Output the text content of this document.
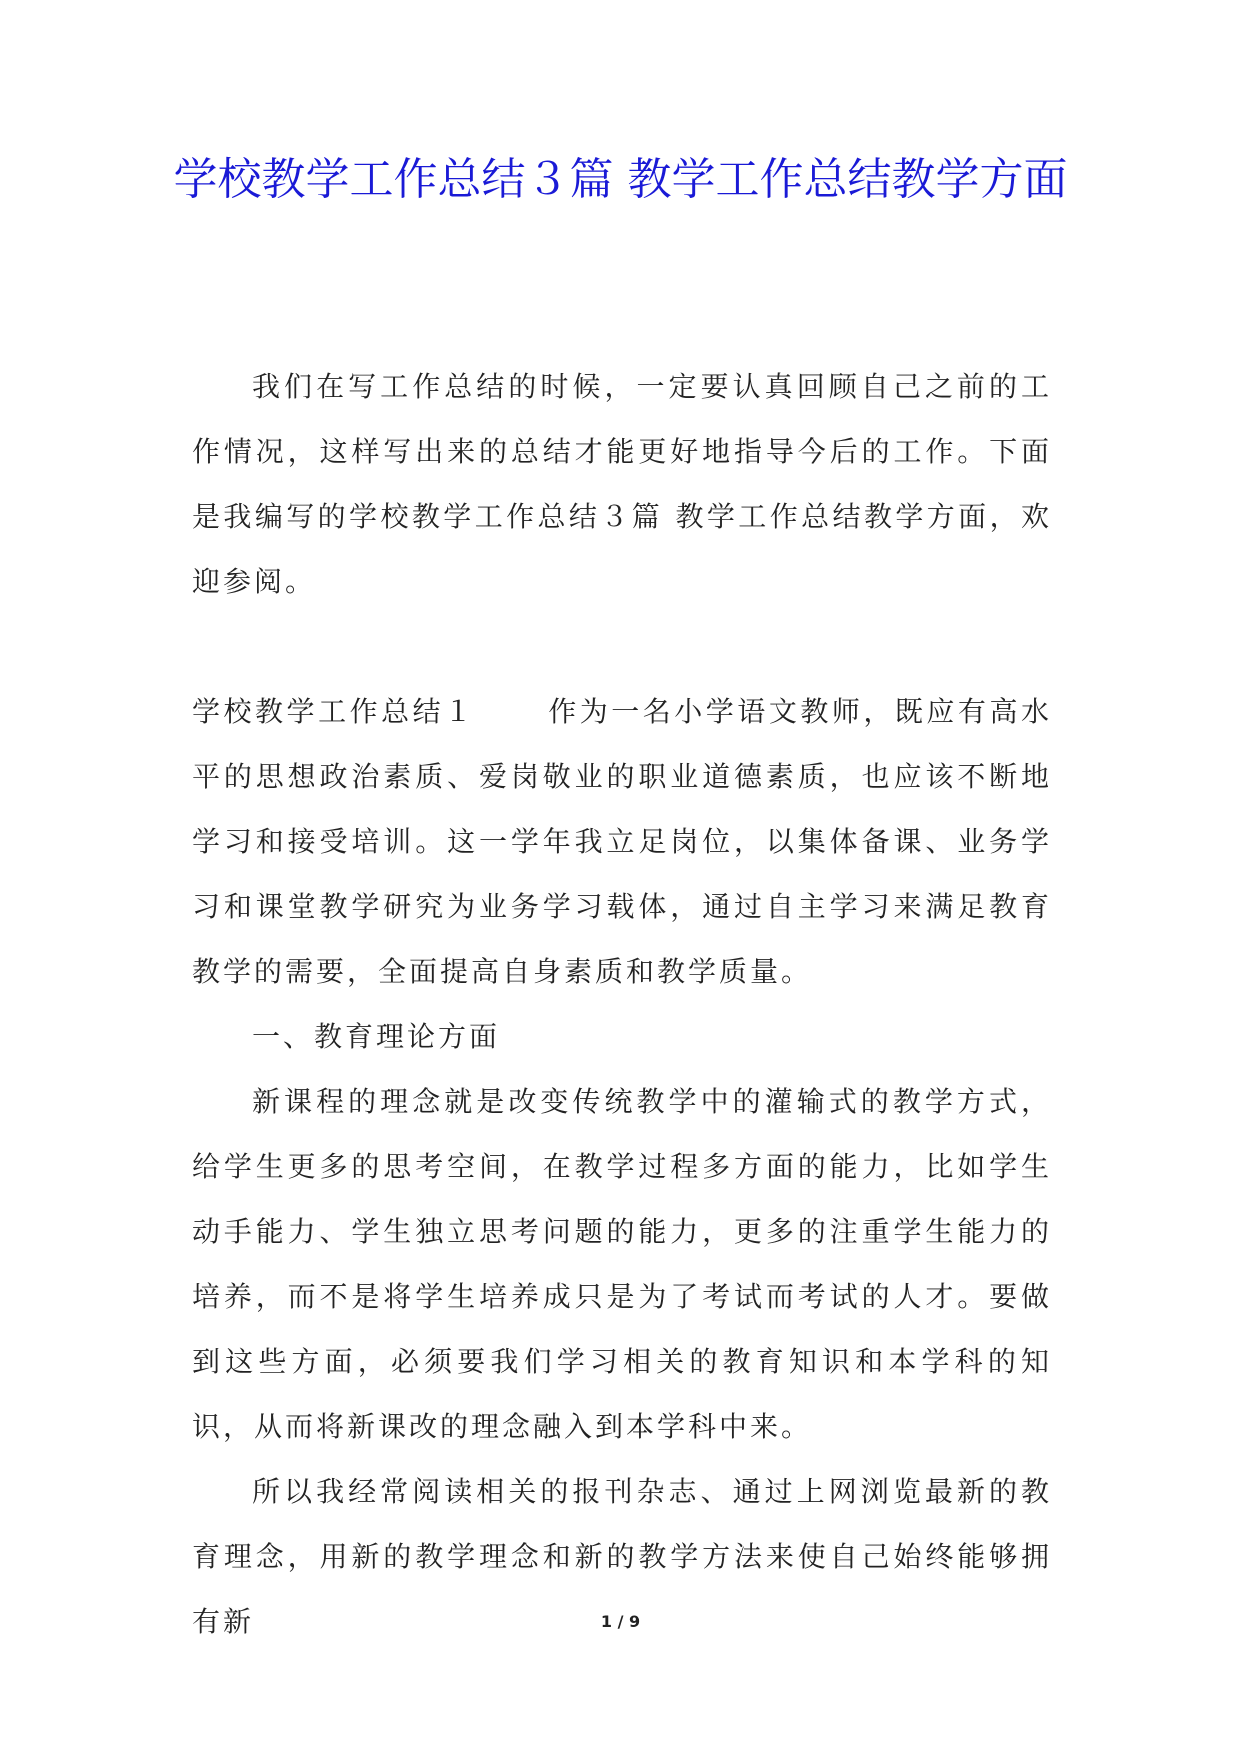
学校教学工作总结３篇 教学工作总结教学方面

我们在写工作总结的时候，一定要认真回顾自己之前的工作情况，这样写出来的总结才能更好地指导今后的工作。下面是我编写的学校教学工作总结３篇 教学工作总结教学方面，欢迎参阅。

学校教学工作总结１	作为一名小学语文教师，既应有高水平的思想政治素质、爱岗敬业的职业道德素质，也应该不断地学习和接受培训。这一学年我立足岗位，以集体备课、业务学习和课堂教学研究为业务学习载体，通过自主学习来满足教育教学的需要，全面提高自身素质和教学质量。

一、教育理论方面

新课程的理念就是改变传统教学中的灌输式的教学方式，给学生更多的思考空间，在教学过程多方面的能力，比如学生动手能力、学生独立思考问题的能力，更多的注重学生能力的培养，而不是将学生培养成只是为了考试而考试的人才。要做到这些方面，必须要我们学习相关的教育知识和本学科的知识，从而将新课改的理念融入到本学科中来。

所以我经常阅读相关的报刊杂志、通过上网浏览最新的教育理念，用新的教学理念和新的教学方法来使自己始终能够拥有新	1 / 9
